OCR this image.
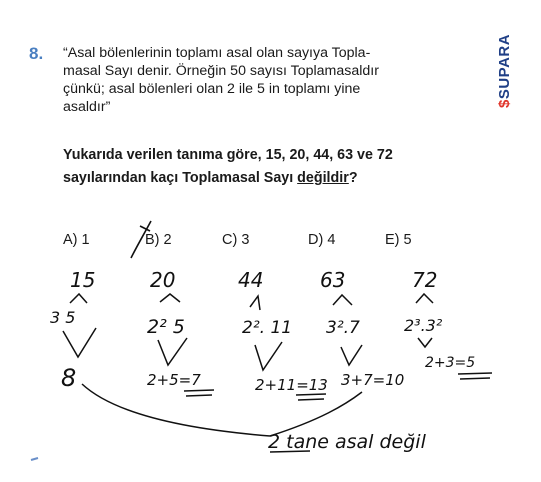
8. “Asal bölenlerinin toplamı asal olan sayıya Topla-
masal Sayı denir. Örneğin 50 sayısı Toplamasaldır
çünkü; asal bölenleri olan 2 ile 5 in toplamı yine
asaldır”
Yukarıda verilen tanıma göre, 15, 20, 44, 63 ve 72
sayılarından kaçı Toplamasal Sayı değildir?
$SUPARA
A) 1	B) 2	C) 3	D) 4	E) 5
15	20	44	63	72
3 5	2² 5	2². 11 3².7	2³.3²
8	2+5=7	2+11=13 3+7=10
2+3=5
2 tane asal değil
